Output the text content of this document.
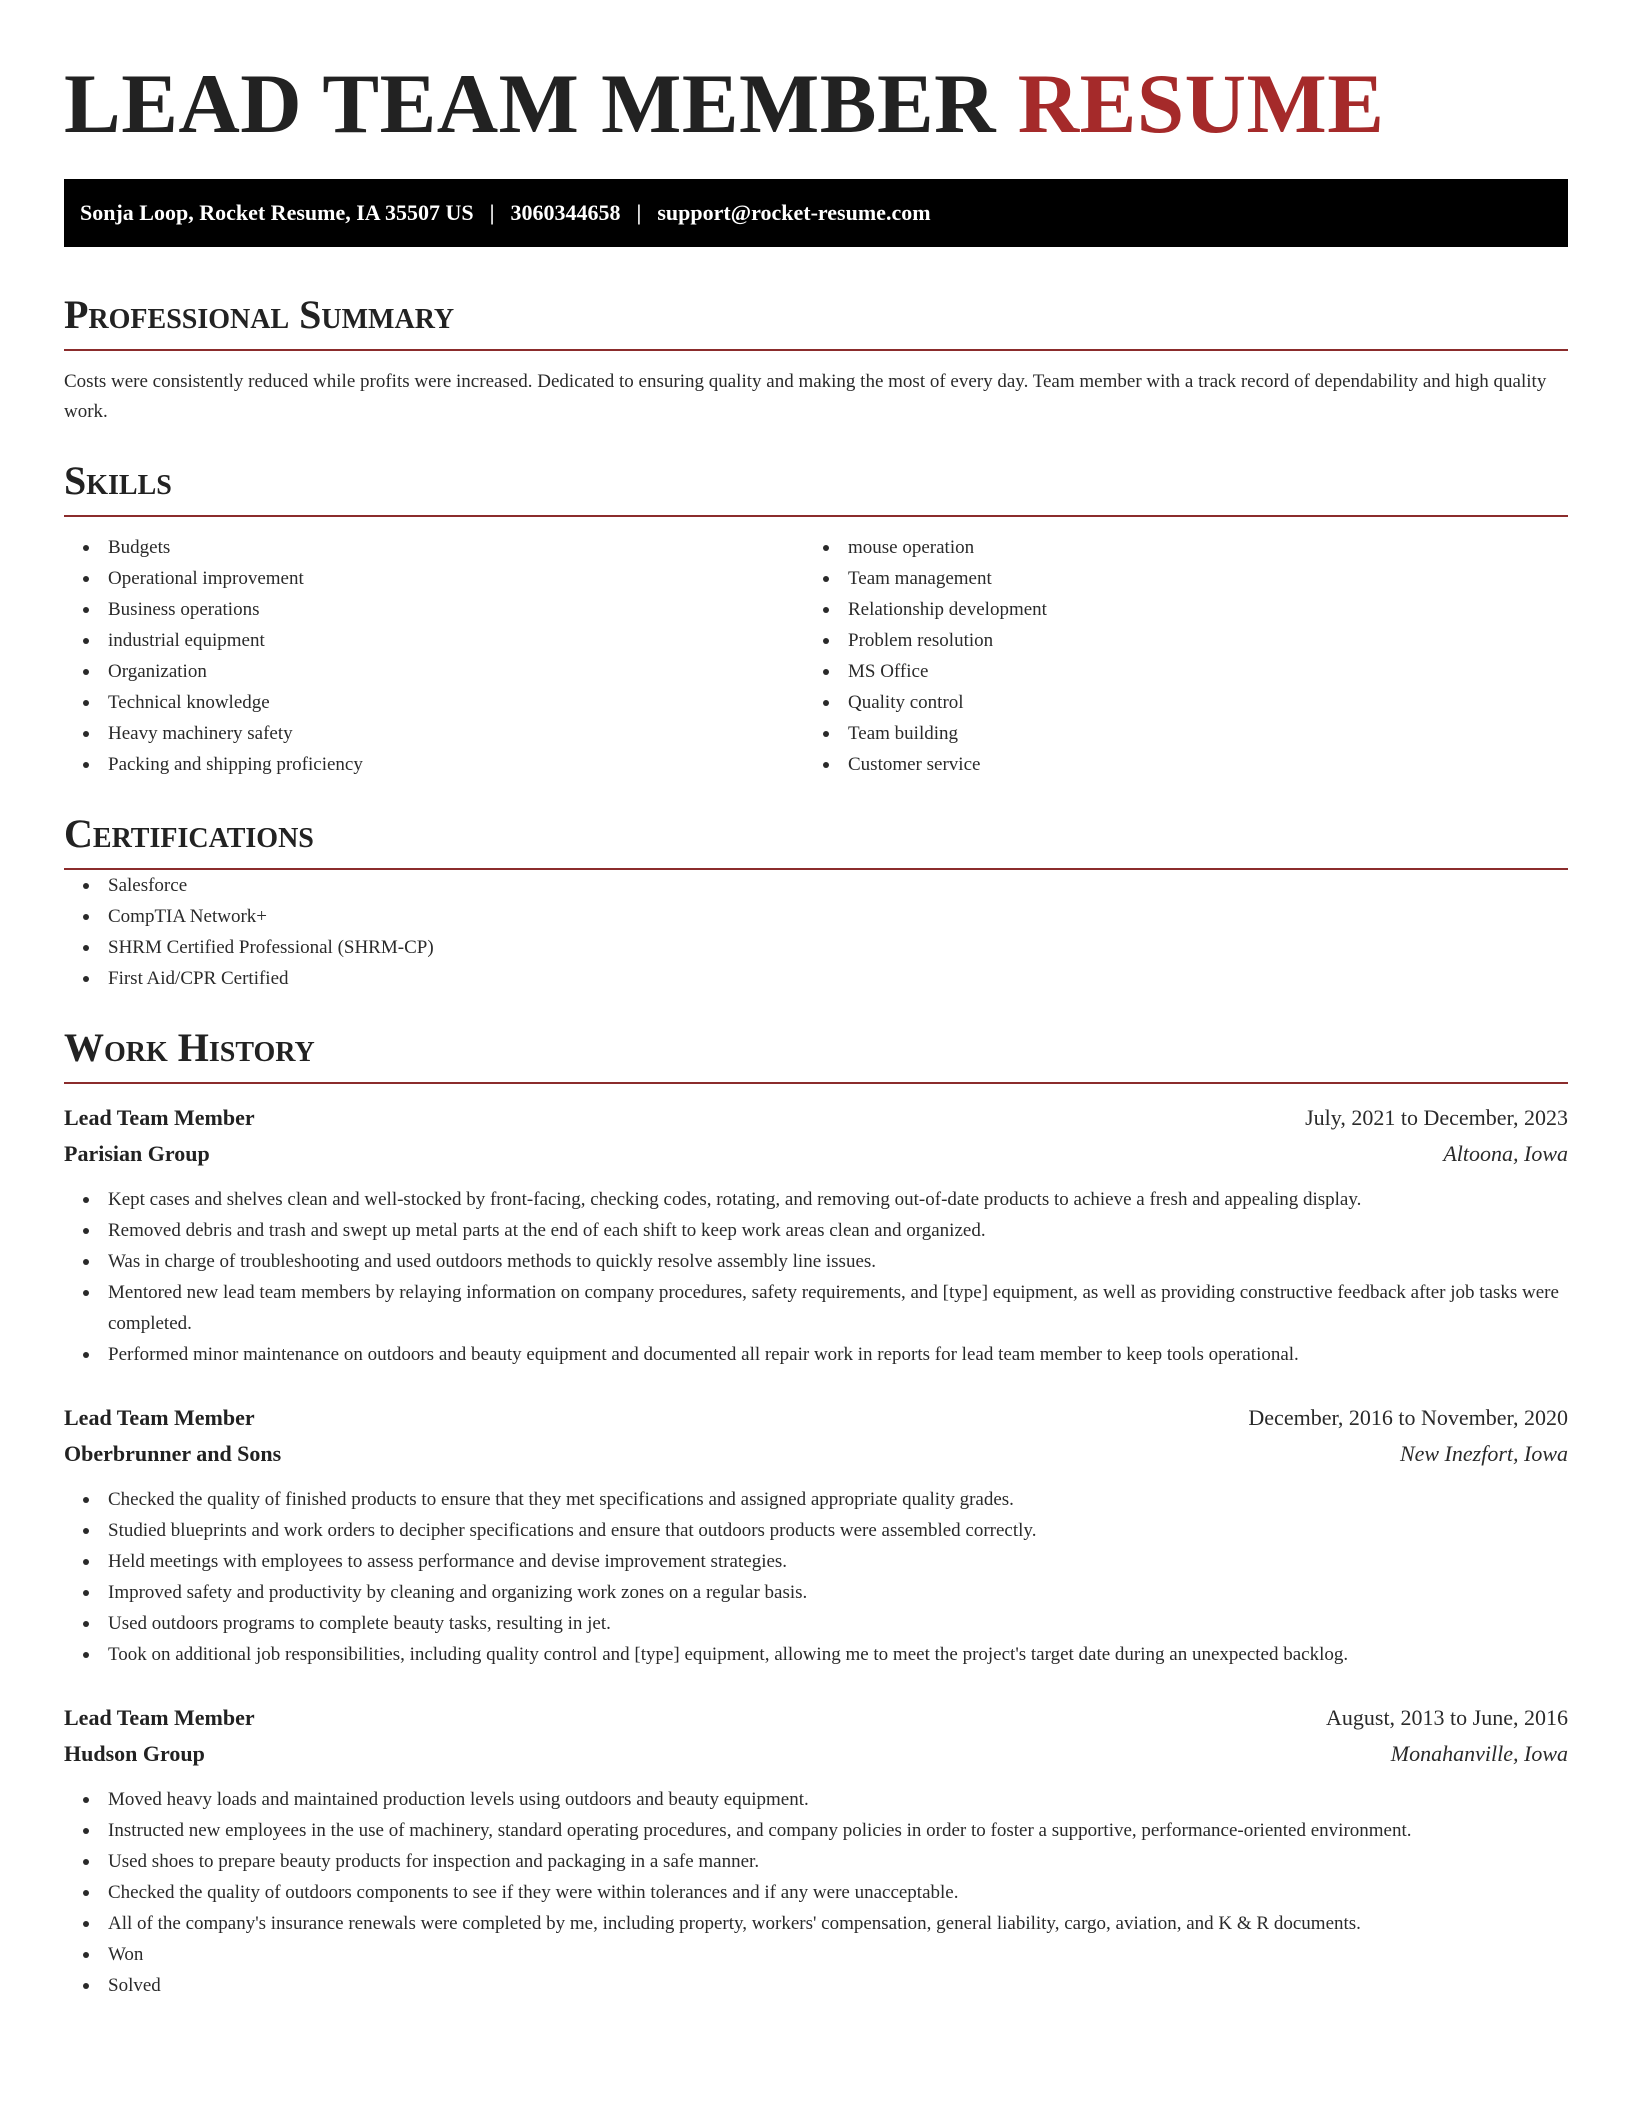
LEAD TEAM MEMBER RESUME
Sonja Loop, Rocket Resume, IA 35507 US | 3060344658 | support@rocket-resume.com
Professional Summary

Costs were consistently reduced while profits were increased. Dedicated to ensuring quality and making the most of every day. Team member with a track record of dependability and high quality work.

Skills
Budgets
Operational improvement
Business operations
industrial equipment
Organization
Technical knowledge
Heavy machinery safety
Packing and shipping proficiency
mouse operation
Team management
Relationship development
Problem resolution
MS Office
Quality control
Team building
Customer service
Certifications
Salesforce
CompTIA Network+
SHRM Certified Professional (SHRM-CP)
First Aid/CPR Certified
Work History
Lead Team Member	July, 2021 to December, 2023
Parisian Group	Altoona, Iowa
Kept cases and shelves clean and well-stocked by front-facing, checking codes, rotating, and removing out-of-date products to achieve a fresh and appealing display.
Removed debris and trash and swept up metal parts at the end of each shift to keep work areas clean and organized.
Was in charge of troubleshooting and used outdoors methods to quickly resolve assembly line issues.
Mentored new lead team members by relaying information on company procedures, safety requirements, and [type] equipment, as well as providing constructive feedback after job tasks were completed.
Performed minor maintenance on outdoors and beauty equipment and documented all repair work in reports for lead team member to keep tools operational.
Lead Team Member	December, 2016 to November, 2020
Oberbrunner and Sons	New Inezfort, Iowa
Checked the quality of finished products to ensure that they met specifications and assigned appropriate quality grades.
Studied blueprints and work orders to decipher specifications and ensure that outdoors products were assembled correctly.
Held meetings with employees to assess performance and devise improvement strategies.
Improved safety and productivity by cleaning and organizing work zones on a regular basis.
Used outdoors programs to complete beauty tasks, resulting in jet.
Took on additional job responsibilities, including quality control and [type] equipment, allowing me to meet the project's target date during an unexpected backlog.
Lead Team Member	August, 2013 to June, 2016
Hudson Group	Monahanville, Iowa
Moved heavy loads and maintained production levels using outdoors and beauty equipment.
Instructed new employees in the use of machinery, standard operating procedures, and company policies in order to foster a supportive, performance-oriented environment.
Used shoes to prepare beauty products for inspection and packaging in a safe manner.
Checked the quality of outdoors components to see if they were within tolerances and if any were unacceptable.
All of the company's insurance renewals were completed by me, including property, workers' compensation, general liability, cargo, aviation, and K & R documents.
Won
Solved
